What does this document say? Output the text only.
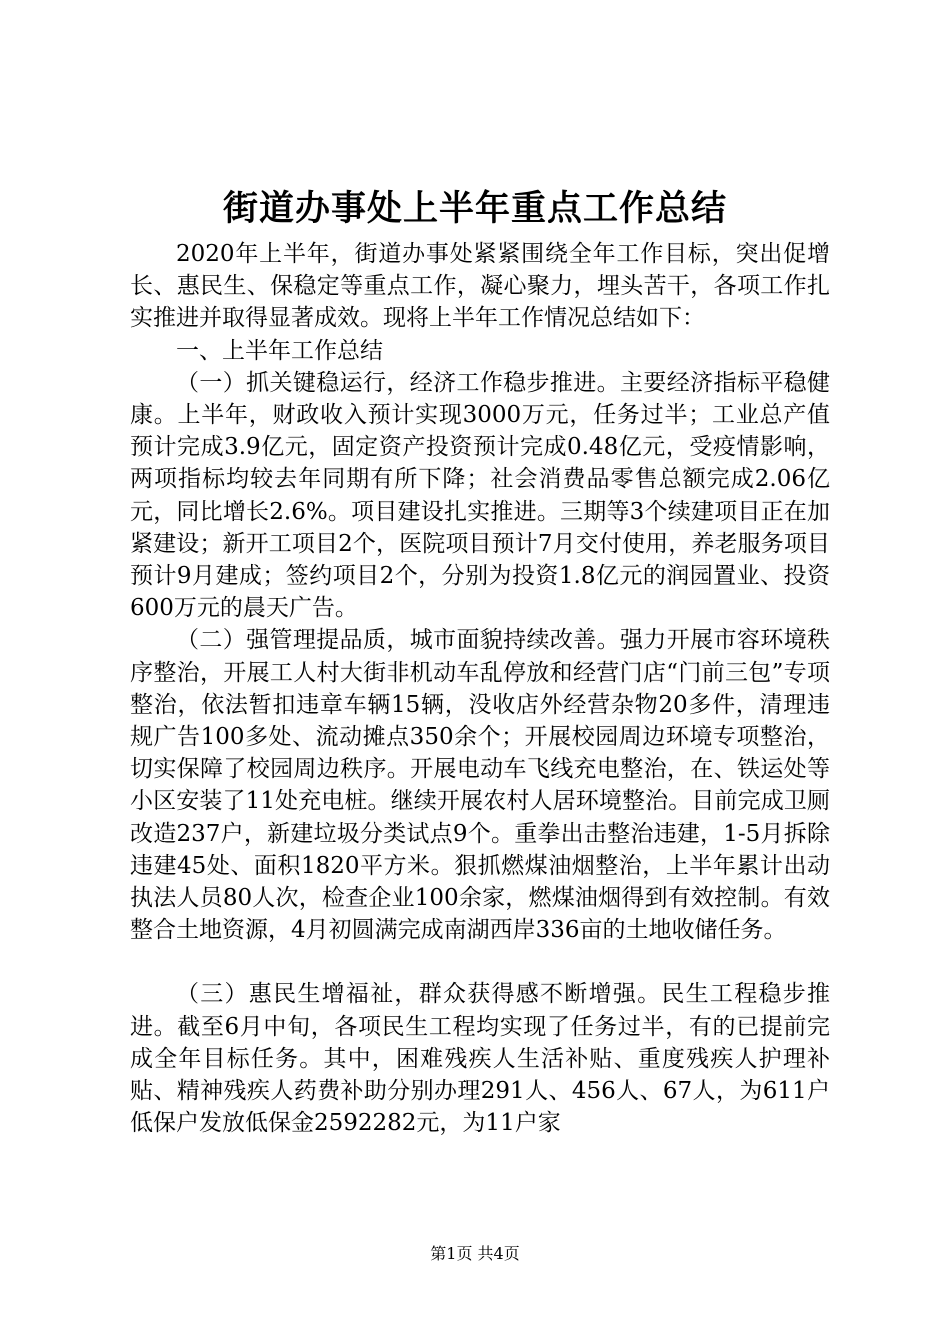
街道办事处上半年重点工作总结

2020年上半年，街道办事处紧紧围绕全年工作目标，突出促增长、惠民生、保稳定等重点工作，凝心聚力，埋头苦干，各项工作扎实推进并取得显著成效。现将上半年工作情况总结如下：

一、上半年工作总结

（一）抓关键稳运行，经济工作稳步推进。主要经济指标平稳健康。上半年，财政收入预计实现3000万元，任务过半；工业总产值预计完成3.9亿元，固定资产投资预计完成0.48亿元，受疫情影响，两项指标均较去年同期有所下降；社会消费品零售总额完成2.06亿元，同比增长2.6%。项目建设扎实推进。三期等3个续建项目正在加紧建设；新开工项目2个，医院项目预计7月交付使用，养老服务项目预计9月建成；签约项目2个，分别为投资1.8亿元的润园置业、投资600万元的晨天广告。

（二）强管理提品质，城市面貌持续改善。强力开展市容环境秩序整治，开展工人村大街非机动车乱停放和经营门店“门前三包”专项整治，依法暂扣违章车辆15辆，没收店外经营杂物20多件，清理违规广告100多处、流动摊点350余个；开展校园周边环境专项整治，切实保障了校园周边秩序。开展电动车飞线充电整治，在、铁运处等小区安装了11处充电桩。继续开展农村人居环境整治。目前完成卫厕改造237户，新建垃圾分类试点9个。重拳出击整治违建，1-5月拆除违建45处、面积1820平方米。狠抓燃煤油烟整治，上半年累计出动执法人员80人次，检查企业100余家，燃煤油烟得到有效控制。有效整合土地资源，4月初圆满完成南湖西岸336亩的土地收储任务。

（三）惠民生增福祉，群众获得感不断增强。民生工程稳步推进。截至6月中旬，各项民生工程均实现了任务过半，有的已提前完成全年目标任务。其中，困难残疾人生活补贴、重度残疾人护理补贴、精神残疾人药费补助分别办理291人、456人、67人，为611户低保户发放低保金2592282元，为11户家

第1页 共4页
